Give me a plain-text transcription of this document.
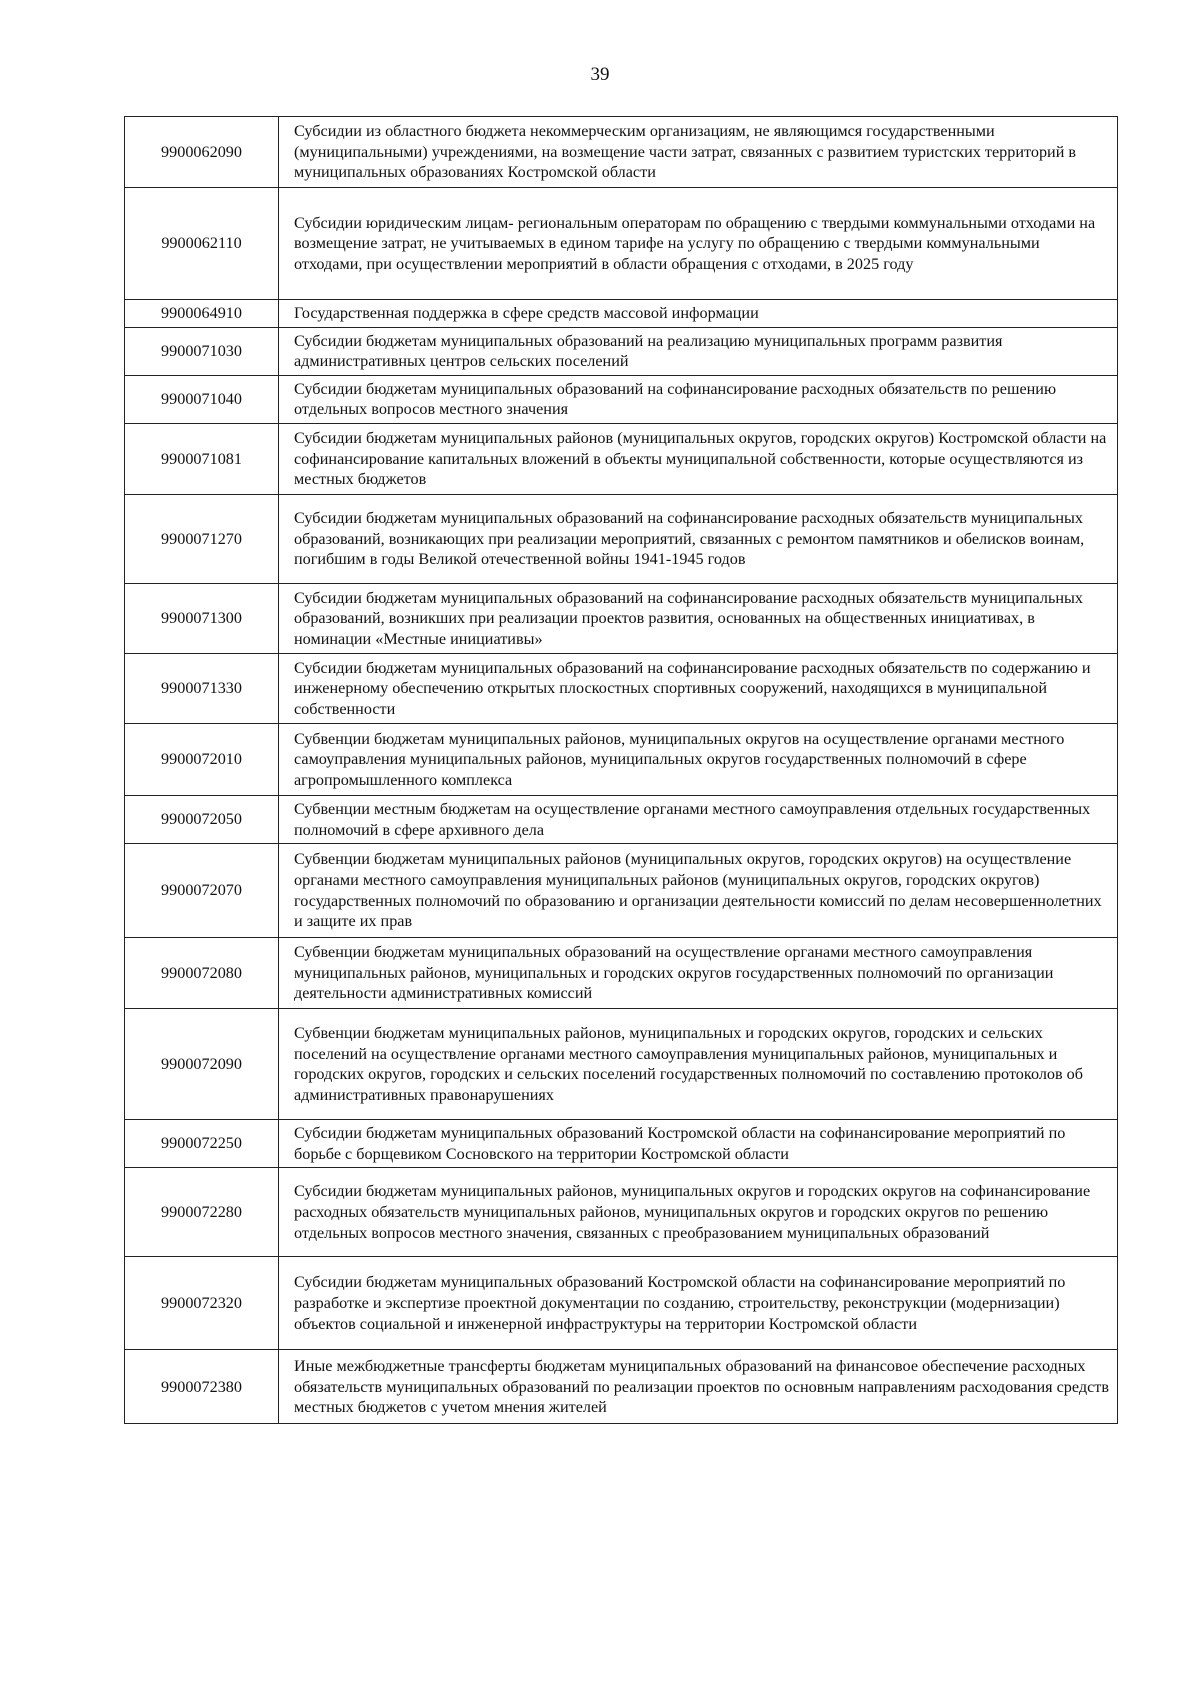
39
9900062090	Субсидии из областного бюджета некоммерческим организациям, не являющимся государственными (муниципальными) учреждениями, на возмещение части затрат, связанных с развитием туристских территорий в муниципальных образованиях Костромской области
9900062110	Субсидии юридическим лицам- региональным операторам по обращению с твердыми коммунальными отходами на возмещение затрат, не учитываемых в едином тарифе на услугу по обращению с твердыми коммунальными отходами, при осуществлении мероприятий в области обращения с отходами, в 2025 году
9900064910	Государственная поддержка в сфере средств массовой информации
9900071030	Субсидии бюджетам муниципальных образований на реализацию муниципальных программ развития административных центров сельских поселений
9900071040	Субсидии бюджетам муниципальных образований на софинансирование расходных обязательств по решению отдельных вопросов местного значения
9900071081	Субсидии бюджетам муниципальных районов (муниципальных округов, городских округов) Костромской области на софинансирование капитальных вложений в объекты муниципальной собственности, которые осуществляются из местных бюджетов
9900071270	Субсидии бюджетам муниципальных образований на софинансирование расходных обязательств муниципальных образований, возникающих при реализации мероприятий, связанных с ремонтом памятников и обелисков воинам, погибшим в годы Великой отечественной войны 1941-1945 годов
9900071300	Субсидии бюджетам муниципальных образований на софинансирование расходных обязательств муниципальных образований, возникших при реализации проектов развития, основанных на общественных инициативах, в номинации «Местные инициативы»
9900071330	Субсидии бюджетам муниципальных образований на софинансирование расходных обязательств по содержанию и инженерному обеспечению открытых плоскостных спортивных сооружений, находящихся в муниципальной собственности
9900072010	Субвенции бюджетам муниципальных районов, муниципальных округов на осуществление органами местного самоуправления муниципальных районов, муниципальных округов государственных полномочий в сфере агропромышленного комплекса
9900072050	Субвенции местным бюджетам на осуществление органами местного самоуправления отдельных государственных полномочий в сфере архивного дела
9900072070	Субвенции бюджетам муниципальных районов (муниципальных округов, городских округов) на осуществление органами местного самоуправления муниципальных районов (муниципальных округов, городских округов) государственных полномочий по образованию и организации деятельности комиссий по делам несовершеннолетних и защите их прав
9900072080	Субвенции бюджетам муниципальных образований на осуществление органами местного самоуправления муниципальных районов, муниципальных и городских округов государственных полномочий по организации деятельности административных комиссий
9900072090	Субвенции бюджетам муниципальных районов, муниципальных и городских округов, городских и сельских поселений на осуществление органами местного самоуправления муниципальных районов, муниципальных и городских округов, городских и сельских поселений государственных полномочий по составлению протоколов об административных правонарушениях
9900072250	Субсидии бюджетам муниципальных образований Костромской области на софинансирование мероприятий по борьбе с борщевиком Сосновского на территории Костромской области
9900072280	Субсидии бюджетам муниципальных районов, муниципальных округов и городских округов на софинансирование расходных обязательств муниципальных районов, муниципальных округов и городских округов по решению отдельных вопросов местного значения, связанных с преобразованием муниципальных образований
9900072320	Субсидии бюджетам муниципальных образований Костромской области на софинансирование мероприятий по разработке и экспертизе проектной документации по созданию, строительству, реконструкции (модернизации) объектов социальной и инженерной инфраструктуры на территории Костромской области
9900072380	Иные межбюджетные трансферты бюджетам муниципальных образований на финансовое обеспечение расходных обязательств муниципальных образований по реализации проектов по основным направлениям расходования средств местных бюджетов с учетом мнения жителей
